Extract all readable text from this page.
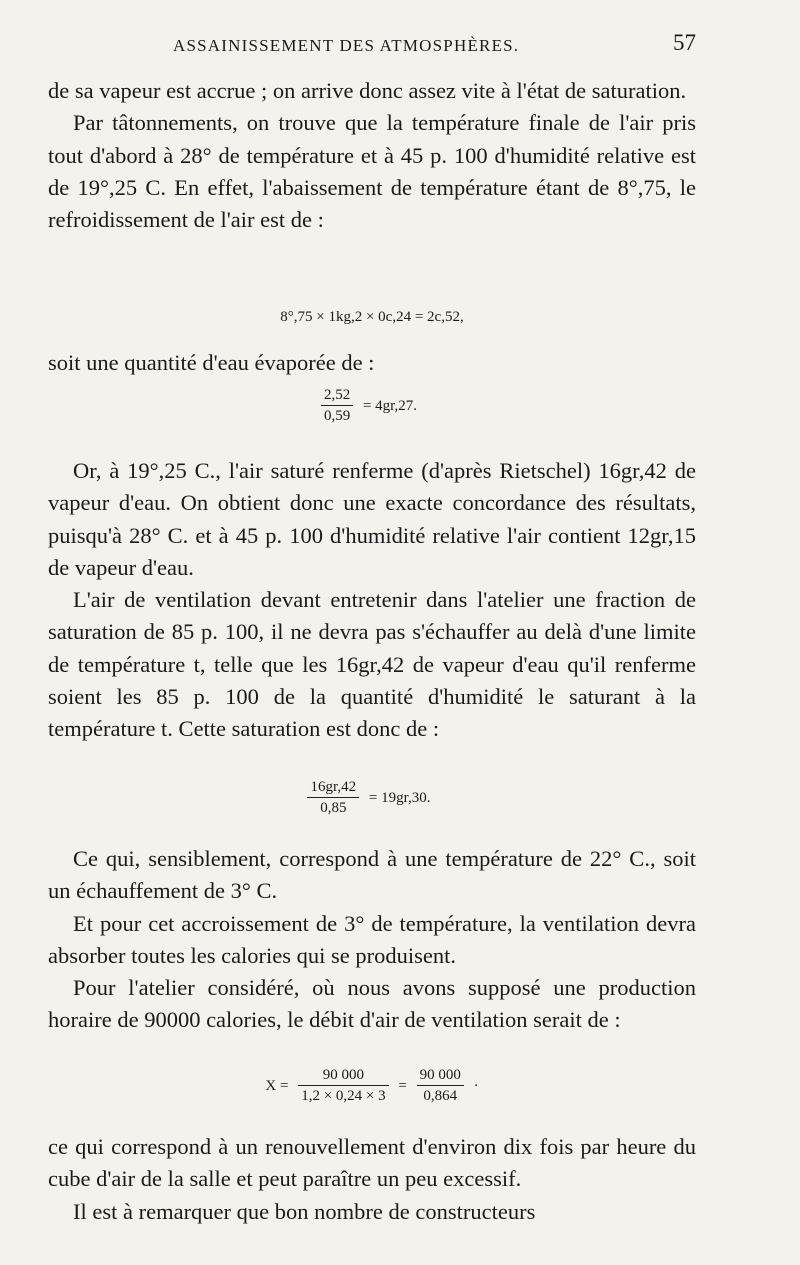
ASSAINISSEMENT DES ATMOSPHÈRES.	57

de sa vapeur est accrue ; on arrive donc assez vite à l'état de saturation.

Par tâtonnements, on trouve que la température finale de l'air pris tout d'abord à 28° de température et à 45 p. 100 d'humidité relative est de 19°,25 C. En effet, l'abaissement de température étant de 8°,75, le refroidissement de l'air est de :

8°,75 × 1kg,2 × 0c,24 = 2c,52,

soit une quantité d'eau évaporée de :

$\frac{2,52}{0,59} = 4gr,27$.

Or, à 19°,25 C., l'air saturé renferme (d'après Rietschel) 16gr,42 de vapeur d'eau. On obtient donc une exacte concordance des résultats, puisqu'à 28° C. et à 45 p. 100 d'humidité relative l'air contient 12gr,15 de vapeur d'eau.

L'air de ventilation devant entretenir dans l'atelier une fraction de saturation de 85 p. 100, il ne devra pas s'échauffer au delà d'une limite de température t, telle que les 16gr,42 de vapeur d'eau qu'il renferme soient les 85 p. 100 de la quantité d'humidité le saturant à la température t. Cette saturation est donc de :

$\frac{16gr,42}{0,85} = 19gr,30$.

Ce qui, sensiblement, correspond à une température de 22° C., soit un échauffement de 3° C.

Et pour cet accroissement de 3° de température, la ventilation devra absorber toutes les calories qui se produisent.

Pour l'atelier considéré, où nous avons supposé une production horaire de 90000 calories, le débit d'air de ventilation serait de :

$X = \frac{90 000}{1,2 \times 0,24 \times 3} = \frac{90 000}{0,864}$ ·

ce qui correspond à un renouvellement d'environ dix fois par heure du cube d'air de la salle et peut paraître un peu excessif.

Il est à remarquer que bon nombre de constructeurs
